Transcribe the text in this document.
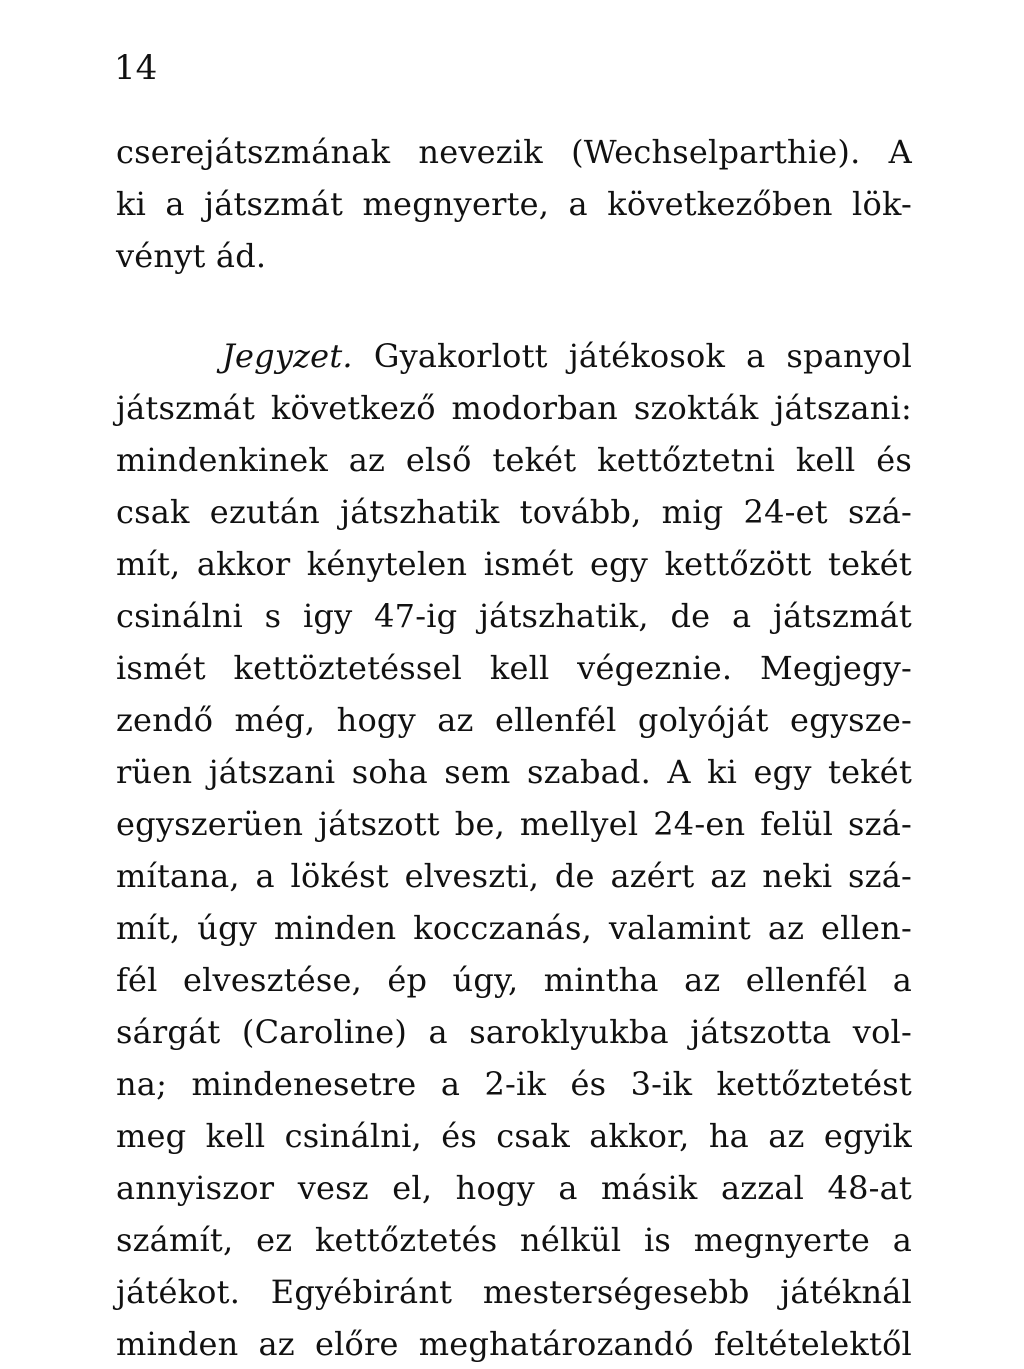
14

cserejátszmának nevezik (Wechselparthie). A

ki a játszmát megnyerte, a következőben lök-

vényt ád.

Jegyzet. Gyakorlott játékosok a spanyol

játszmát következő modorban szokták játszani:

mindenkinek az első tekét kettőztetni kell és

csak ezután játszhatik tovább, mig 24-et szá-

mít, akkor kénytelen ismét egy kettőzött tekét

csinálni s igy 47-ig játszhatik, de a játszmát

ismét kettöztetéssel kell végeznie. Megjegy-

zendő még, hogy az ellenfél golyóját egysze-

rüen játszani soha sem szabad. A ki egy tekét

egyszerüen játszott be, mellyel 24-en felül szá-

mítana, a lökést elveszti, de azért az neki szá-

mít, úgy minden kocczanás, valamint az ellen-

fél elvesztése, ép úgy, mintha az ellenfél a

sárgát (Caroline) a saroklyukba játszotta vol-

na; mindenesetre a 2-ik és 3-ik kettőztetést

meg kell csinálni, és csak akkor, ha az egyik

annyiszor vesz el, hogy a másik azzal 48-at

számít, ez kettőztetés nélkül is megnyerte a

játékot. Egyébiránt mesterségesebb játéknál

minden az előre meghatározandó feltételektől
